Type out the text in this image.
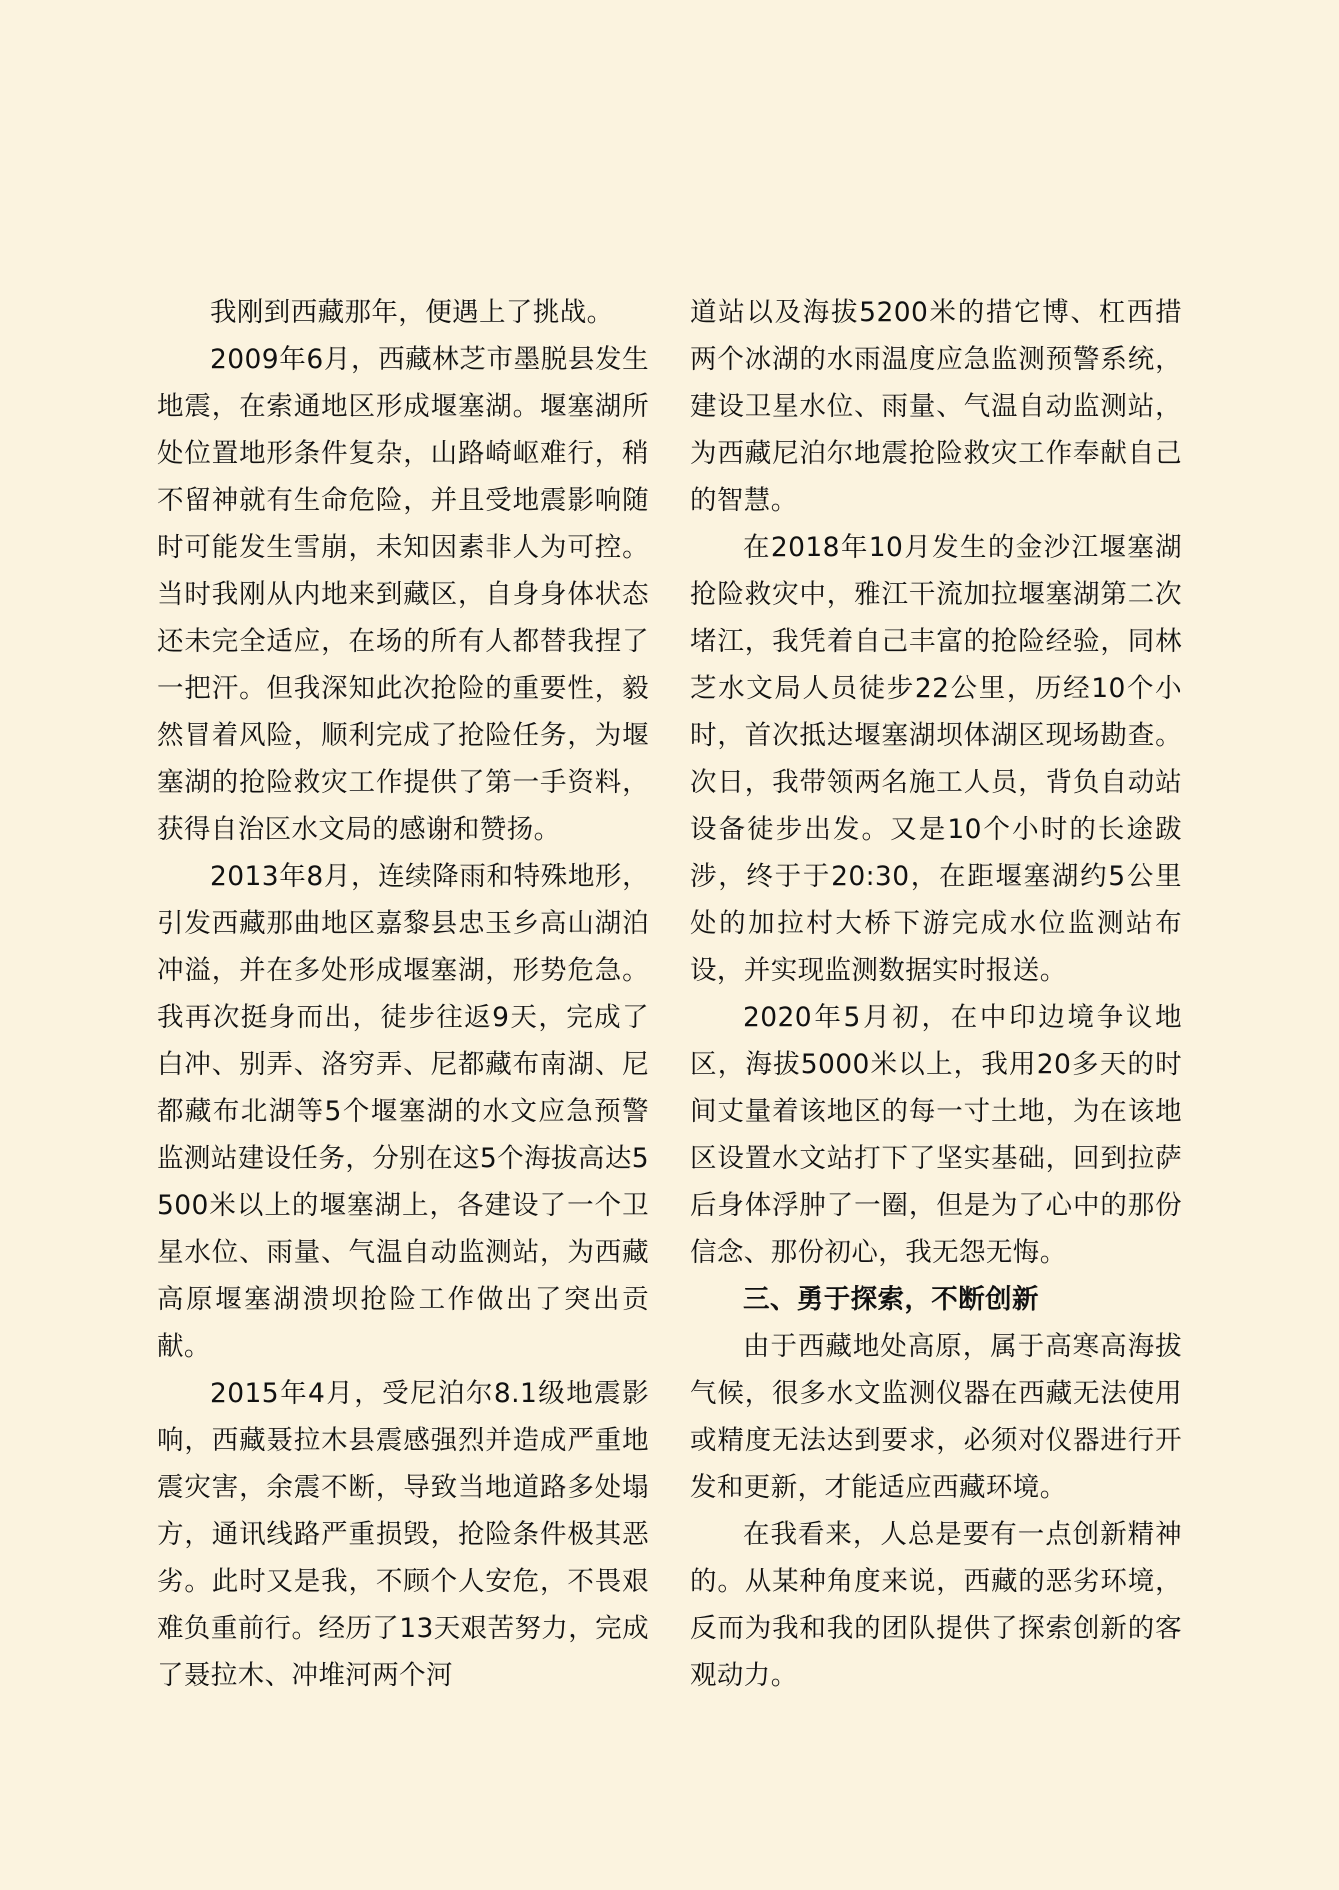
我刚到西藏那年，便遇上了挑战。

2009年6月，西藏林芝市墨脱县发生地震，在索通地区形成堰塞湖。堰塞湖所处位置地形条件复杂，山路崎岖难行，稍不留神就有生命危险，并且受地震影响随时可能发生雪崩，未知因素非人为可控。当时我刚从内地来到藏区，自身身体状态还未完全适应，在场的所有人都替我捏了一把汗。但我深知此次抢险的重要性，毅然冒着风险，顺利完成了抢险任务，为堰塞湖的抢险救灾工作提供了第一手资料，获得自治区水文局的感谢和赞扬。

2013年8月，连续降雨和特殊地形，引发西藏那曲地区嘉黎县忠玉乡高山湖泊冲溢，并在多处形成堰塞湖，形势危急。我再次挺身而出，徒步往返9天，完成了白冲、别弄、洛穷弄、尼都藏布南湖、尼都藏布北湖等5个堰塞湖的水文应急预警监测站建设任务，分别在这5个海拔高达5500米以上的堰塞湖上，各建设了一个卫星水位、雨量、气温自动监测站，为西藏高原堰塞湖溃坝抢险工作做出了突出贡献。

2015年4月，受尼泊尔8.1级地震影响，西藏聂拉木县震感强烈并造成严重地震灾害，余震不断，导致当地道路多处塌方，通讯线路严重损毁，抢险条件极其恶劣。此时又是我，不顾个人安危，不畏艰难负重前行。经历了13天艰苦努力，完成了聂拉木、冲堆河两个河

道站以及海拔5200米的措它博、杠西措两个冰湖的水雨温度应急监测预警系统，建设卫星水位、雨量、气温自动监测站，为西藏尼泊尔地震抢险救灾工作奉献自己的智慧。

在2018年10月发生的金沙江堰塞湖抢险救灾中，雅江干流加拉堰塞湖第二次堵江，我凭着自己丰富的抢险经验，同林芝水文局人员徒步22公里，历经10个小时，首次抵达堰塞湖坝体湖区现场勘查。次日，我带领两名施工人员，背负自动站设备徒步出发。又是10个小时的长途跋涉，终于于20:30，在距堰塞湖约5公里处的加拉村大桥下游完成水位监测站布设，并实现监测数据实时报送。

2020年5月初，在中印边境争议地区，海拔5000米以上，我用20多天的时间丈量着该地区的每一寸土地，为在该地区设置水文站打下了坚实基础，回到拉萨后身体浮肿了一圈，但是为了心中的那份信念、那份初心，我无怨无悔。

三、勇于探索，不断创新

由于西藏地处高原，属于高寒高海拔气候，很多水文监测仪器在西藏无法使用或精度无法达到要求，必须对仪器进行开发和更新，才能适应西藏环境。

在我看来，人总是要有一点创新精神的。从某种角度来说，西藏的恶劣环境，反而为我和我的团队提供了探索创新的客观动力。
